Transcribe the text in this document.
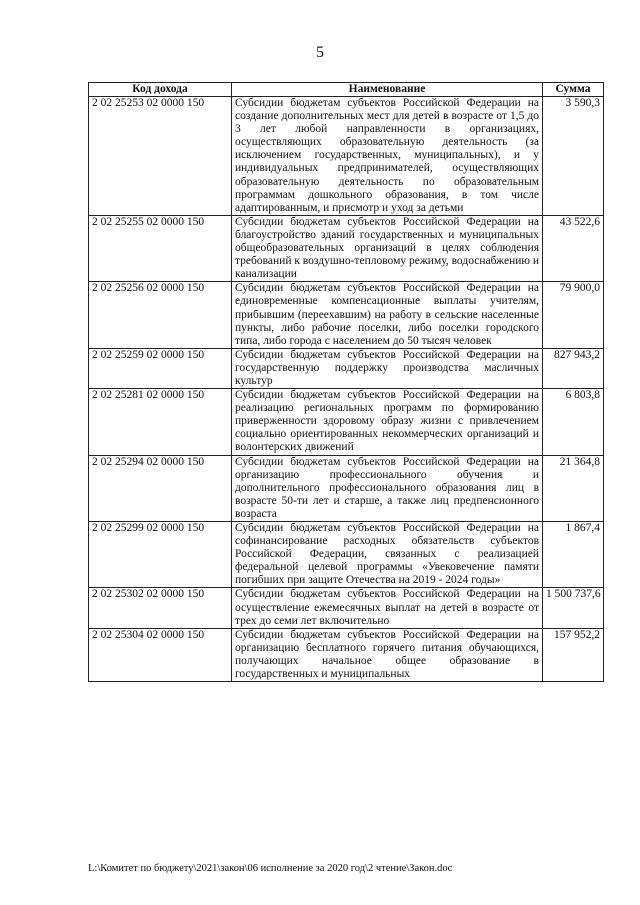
5
Код дохода	Наименование	Сумма
2 02 25253 02 0000 150	Субсидии бюджетам субъектов Российской Федерации на создание дополнительных мест для детей в возрасте от 1,5 до 3 лет любой направленности в организациях, осуществляющих образовательную деятельность (за исключением государственных, муниципальных), и у индивидуальных предпринимателей, осуществляющих образовательную деятельность по образовательным программам дошкольного образования, в том числе адаптированным, и присмотр и уход за детьми	3 590,3
2 02 25255 02 0000 150	Субсидии бюджетам субъектов Российской Федерации на благоустройство зданий государственных и муниципальных общеобразовательных организаций в целях соблюдения требований к воздушно-тепловому режиму, водоснабжению и канализации	43 522,6
2 02 25256 02 0000 150	Субсидии бюджетам субъектов Российской Федерации на единовременные компенсационные выплаты учителям, прибывшим (переехавшим) на работу в сельские населенные пункты, либо рабочие поселки, либо поселки городского типа, либо города с населением до 50 тысяч человек	79 900,0
2 02 25259 02 0000 150	Субсидии бюджетам субъектов Российской Федерации на государственную поддержку производства масличных культур	827 943,2
2 02 25281 02 0000 150	Субсидии бюджетам субъектов Российской Федерации на реализацию региональных программ по формированию приверженности здоровому образу жизни с привлечением социально ориентированных некоммерческих организаций и волонтерских движений	6 803,8
2 02 25294 02 0000 150	Субсидии бюджетам субъектов Российской Федерации на организацию профессионального обучения и дополнительного профессионального образования лиц в возрасте 50-ти лет и старше, а также лиц предпенсионного возраста	21 364,8
2 02 25299 02 0000 150	Субсидии бюджетам субъектов Российской Федерации на софинансирование расходных обязательств субъектов Российской Федерации, связанных с реализацией федеральной целевой программы «Увековечение памяти погибших при защите Отечества на 2019 - 2024 годы»	1 867,4
2 02 25302 02 0000 150	Субсидии бюджетам субъектов Российской Федерации на осуществление ежемесячных выплат на детей в возрасте от трех до семи лет включительно	1 500 737,6
2 02 25304 02 0000 150	Субсидии бюджетам субъектов Российской Федерации на организацию бесплатного горячего питания обучающихся, получающих начальное общее образование в государственных и муниципальных	157 952,2
L:\Комитет по бюджету\2021\закон\06 исполнение за 2020 год\2 чтение\Закон.doc
